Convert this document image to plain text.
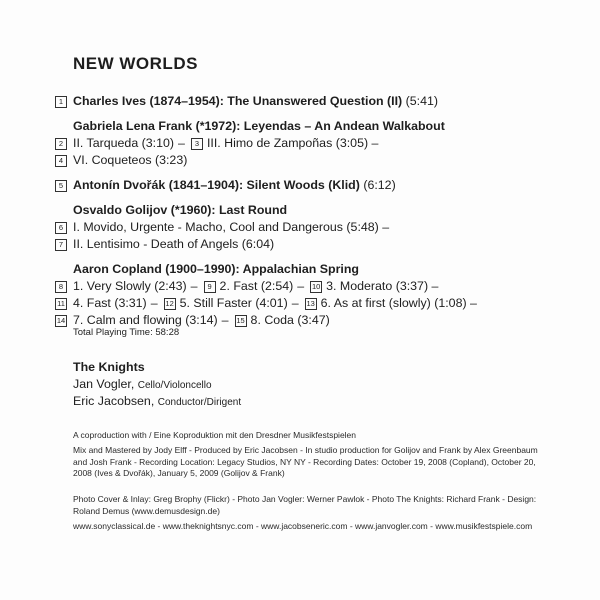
NEW WORLDS
1 Charles Ives (1874–1954): The Unanswered Question (II) (5:41)
Gabriela Lena Frank (*1972): Leyendas – An Andean Walkabout
2 II. Tarqueda (3:10) – 3 III. Himo de Zampoñas (3:05) –
4 VI. Coqueteos (3:23)
5 Antonín Dvořák (1841–1904): Silent Woods (Klid) (6:12)
Osvaldo Golijov (*1960): Last Round
6 I. Movido, Urgente - Macho, Cool and Dangerous (5:48) –
7 II. Lentisimo - Death of Angels (6:04)
Aaron Copland (1900–1990): Appalachian Spring
8 1. Very Slowly (2:43) – 9 2. Fast (2:54) – 10 3. Moderato (3:37) –
11 4. Fast (3:31) – 12 5. Still Faster (4:01) – 13 6. As at first (slowly) (1:08) –
14 7. Calm and flowing (3:14) – 15 8. Coda (3:47)
Total Playing Time: 58:28
The Knights
Jan Vogler, Cello/Violoncello
Eric Jacobsen, Conductor/Dirigent
A coproduction with / Eine Koproduktion mit den Dresdner Musikfestspielen
Mix and Mastered by Jody Elff - Produced by Eric Jacobsen - In studio production for Golijov and Frank by Alex Greenbaum and Josh Frank - Recording Location: Legacy Studios, NY NY - Recording Dates: October 19, 2008 (Copland), October 20, 2008 (Ives & Dvořák), January 5, 2009 (Golijov & Frank)
Photo Cover & Inlay: Greg Brophy (Flickr) - Photo Jan Vogler: Werner Pawlok - Photo The Knights: Richard Frank - Design: Roland Demus (www.demusdesign.de)
www.sonyclassical.de - www.theknightsnyc.com - www.jacobseneric.com - www.janvogler.com - www.musikfestspiele.com
